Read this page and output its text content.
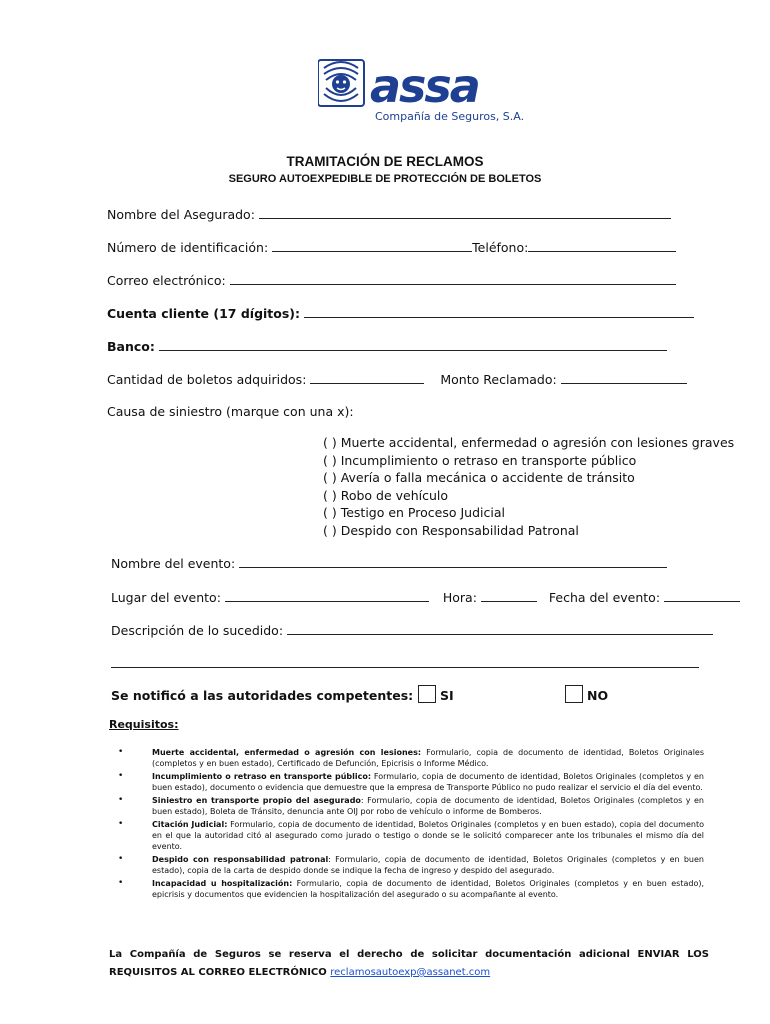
assa
Compañía de Seguros, S.A.
TRAMITACIÓN DE RECLAMOS
SEGURO AUTOEXPEDIBLE DE PROTECCIÓN DE BOLETOS
Nombre del Asegurado:
Número de identificación:	Teléfono:
Correo electrónico:
Cuenta cliente (17 dígitos):
Banco:
Cantidad de boletos adquiridos:	Monto Reclamado:
Causa de siniestro (marque con una x):
( ) Muerte accidental, enfermedad o agresión con lesiones graves
( ) Incumplimiento o retraso en transporte público
( ) Avería o falla mecánica o accidente de tránsito
( ) Robo de vehículo
( ) Testigo en Proceso Judicial
( ) Despido con Responsabilidad Patronal
Nombre del evento:
Lugar del evento:	Hora:	Fecha del evento:
Descripción de lo sucedido:
Se notificó a las autoridades competentes: SI	NO
Requisitos:
•	Muerte accidental, enfermedad o agresión con lesiones: Formulario, copia de documento de identidad, Boletos Originales (completos y en buen estado), Certificado de Defunción, Epicrisis o Informe Médico.
•	Incumplimiento o retraso en transporte público: Formulario, copia de documento de identidad, Boletos Originales (completos y en buen estado), documento o evidencia que demuestre que la empresa de Transporte Público no pudo realizar el servicio el día del evento.
•	Siniestro en transporte propio del asegurado: Formulario, copia de documento de identidad, Boletos Originales (completos y en buen estado), Boleta de Tránsito, denuncia ante OIJ por robo de vehículo o informe de Bomberos.
•	Citación Judicial: Formulario, copia de documento de identidad, Boletos Originales (completos y en buen estado), copia del documento en el que la autoridad citó al asegurado como jurado o testigo o donde se le solicitó comparecer ante los tribunales el mismo día del evento.
•	Despido con responsabilidad patronal: Formulario, copia de documento de identidad, Boletos Originales (completos y en buen estado), copia de la carta de despido donde se indique la fecha de ingreso y despido del asegurado.
•	Incapacidad u hospitalización: Formulario, copia de documento de identidad, Boletos Originales (completos y en buen estado), epicrisis y documentos que evidencien la hospitalización del asegurado o su acompañante al evento.
La Compañía de Seguros se reserva el derecho de solicitar documentación adicional ENVIAR LOS REQUISITOS AL CORREO ELECTRÓNICO reclamosautoexp@assanet.com
